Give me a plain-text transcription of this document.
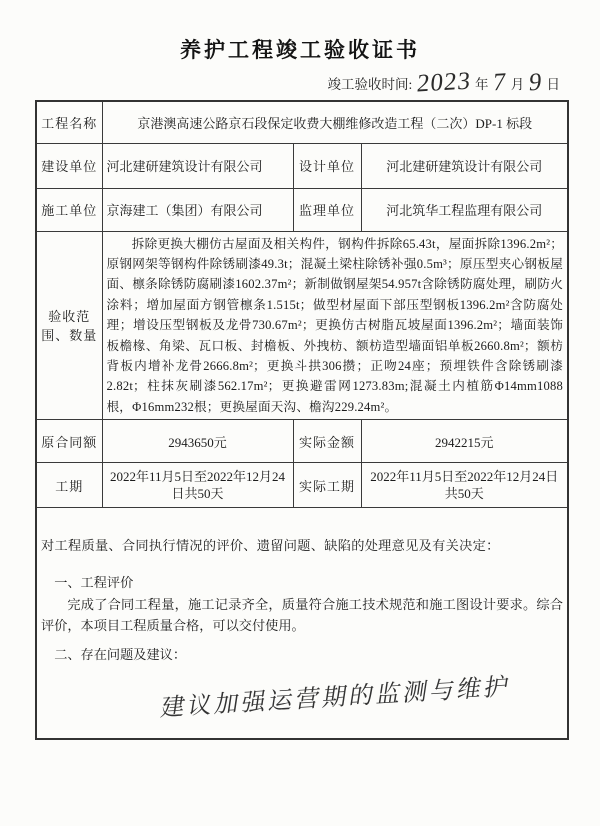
养护工程竣工验收证书
竣工验收时间: 2023 年 7 月 9 日
工程名称	京港澳高速公路京石段保定收费大棚维修改造工程（二次）DP-1 标段		
建设单位	河北建研建筑设计有限公司	设计单位	河北建研建筑设计有限公司
施工单位	京海建工（集团）有限公司	监理单位	河北筑华工程监理有限公司
验收范围、数量	拆除更换大棚仿古屋面及相关构件，钢构件拆除65.43t，屋面拆除1396.2m²；原钢网架等钢构件除锈刷漆49.3t；混凝土梁柱除锈补强0.5m³；原压型夹心钢板屋面、檩条除锈防腐刷漆1602.37m²；新制做钢屋架54.957t含除锈防腐处理，刷防火涂料；增加屋面方钢管檩条1.515t；做型材屋面下部压型钢板1396.2m²含防腐处理；增设压型钢板及龙骨730.67m²；更换仿古树脂瓦坡屋面1396.2m²；墙面装饰板檐椽、角梁、瓦口板、封檐板、外拽枋、额枋造型墙面铝单板2660.8m²；额枋背板内增补龙骨2666.8m²；更换斗拱306攒；正吻24座；预埋铁件含除锈刷漆2.82t；柱抹灰刷漆562.17m²；更换避雷网1273.83m;混凝土内植筋Φ14mm1088根，Φ16mm232根；更换屋面天沟、檐沟229.24m²。		

原合同额	2943650元	实际金额	2942215元
工期	2022年11月5日至2022年12月24日共50天	实际工期	2022年11月5日至2022年12月24日共50天

对工程质量、合同执行情况的评价、遗留问题、缺陷的处理意见及有关决定：

一、工程评价

完成了合同工程量，施工记录齐全，质量符合施工技术规范和施工图设计要求。综合评价，本项目工程质量合格，可以交付使用。

二、存在问题及建议：

建议加强运营期的监测与维护			
